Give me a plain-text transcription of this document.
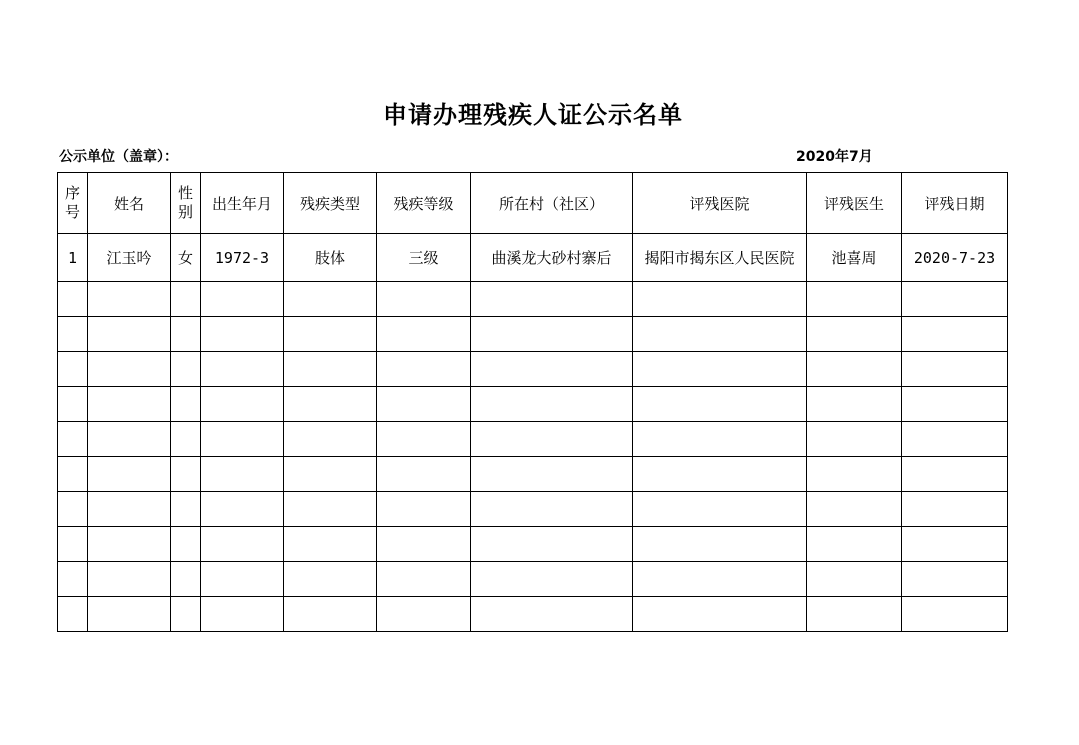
申请办理残疾人证公示名单
公示单位（盖章）：	2020年7月
序号	姓名	性别	出生年月	残疾类型	残疾等级	所在村（社区）	评残医院	评残医生	评残日期
1	江玉吟	女	1972-3	肢体	三级	曲溪龙大砂村寨后	揭阳市揭东区人民医院	池喜周	2020-7-23
